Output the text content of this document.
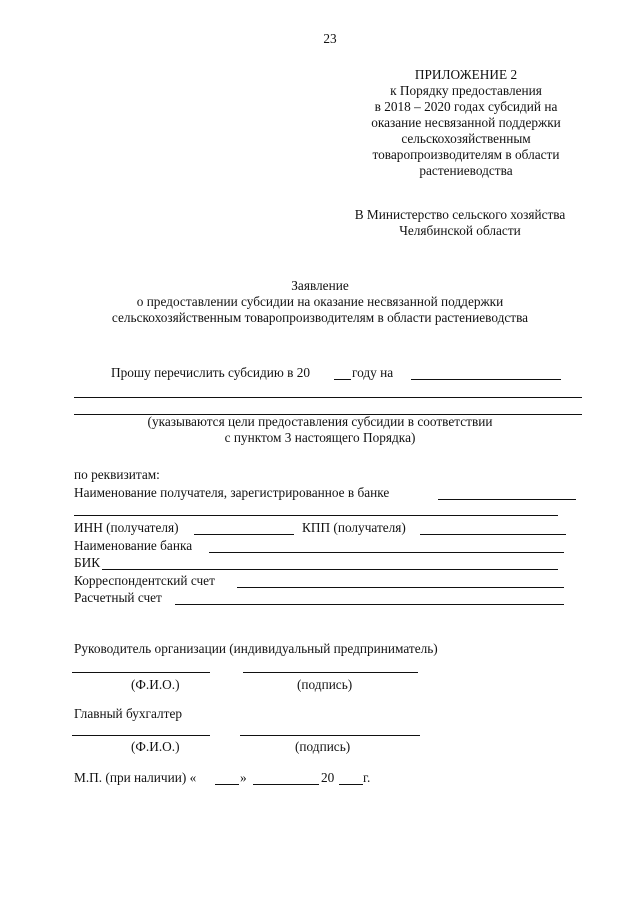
23
ПРИЛОЖЕНИЕ 2
к Порядку предоставления
в 2018 – 2020 годах субсидий на
оказание несвязанной поддержки
сельскохозяйственным
товаропроизводителям в области
растениеводства
В Министерство сельского хозяйства
Челябинской области
Заявление
о предоставлении субсидии на оказание несвязанной поддержки
сельскохозяйственным товаропроизводителям в области растениеводства
Прошу перечислить субсидию в 20	году на
(указываются цели предоставления субсидии в соответствии
с пунктом 3 настоящего Порядка)
по реквизитам:
Наименование получателя, зарегистрированное в банке
ИНН (получателя)	КПП (получателя)
Наименование банка
БИК
Корреспондентский счет
Расчетный счет
Руководитель организации (индивидуальный предприниматель)
(Ф.И.О.)	(подпись)
Главный бухгалтер
(Ф.И.О.)	(подпись)
М.П. (при наличии) «	»	20 г.
